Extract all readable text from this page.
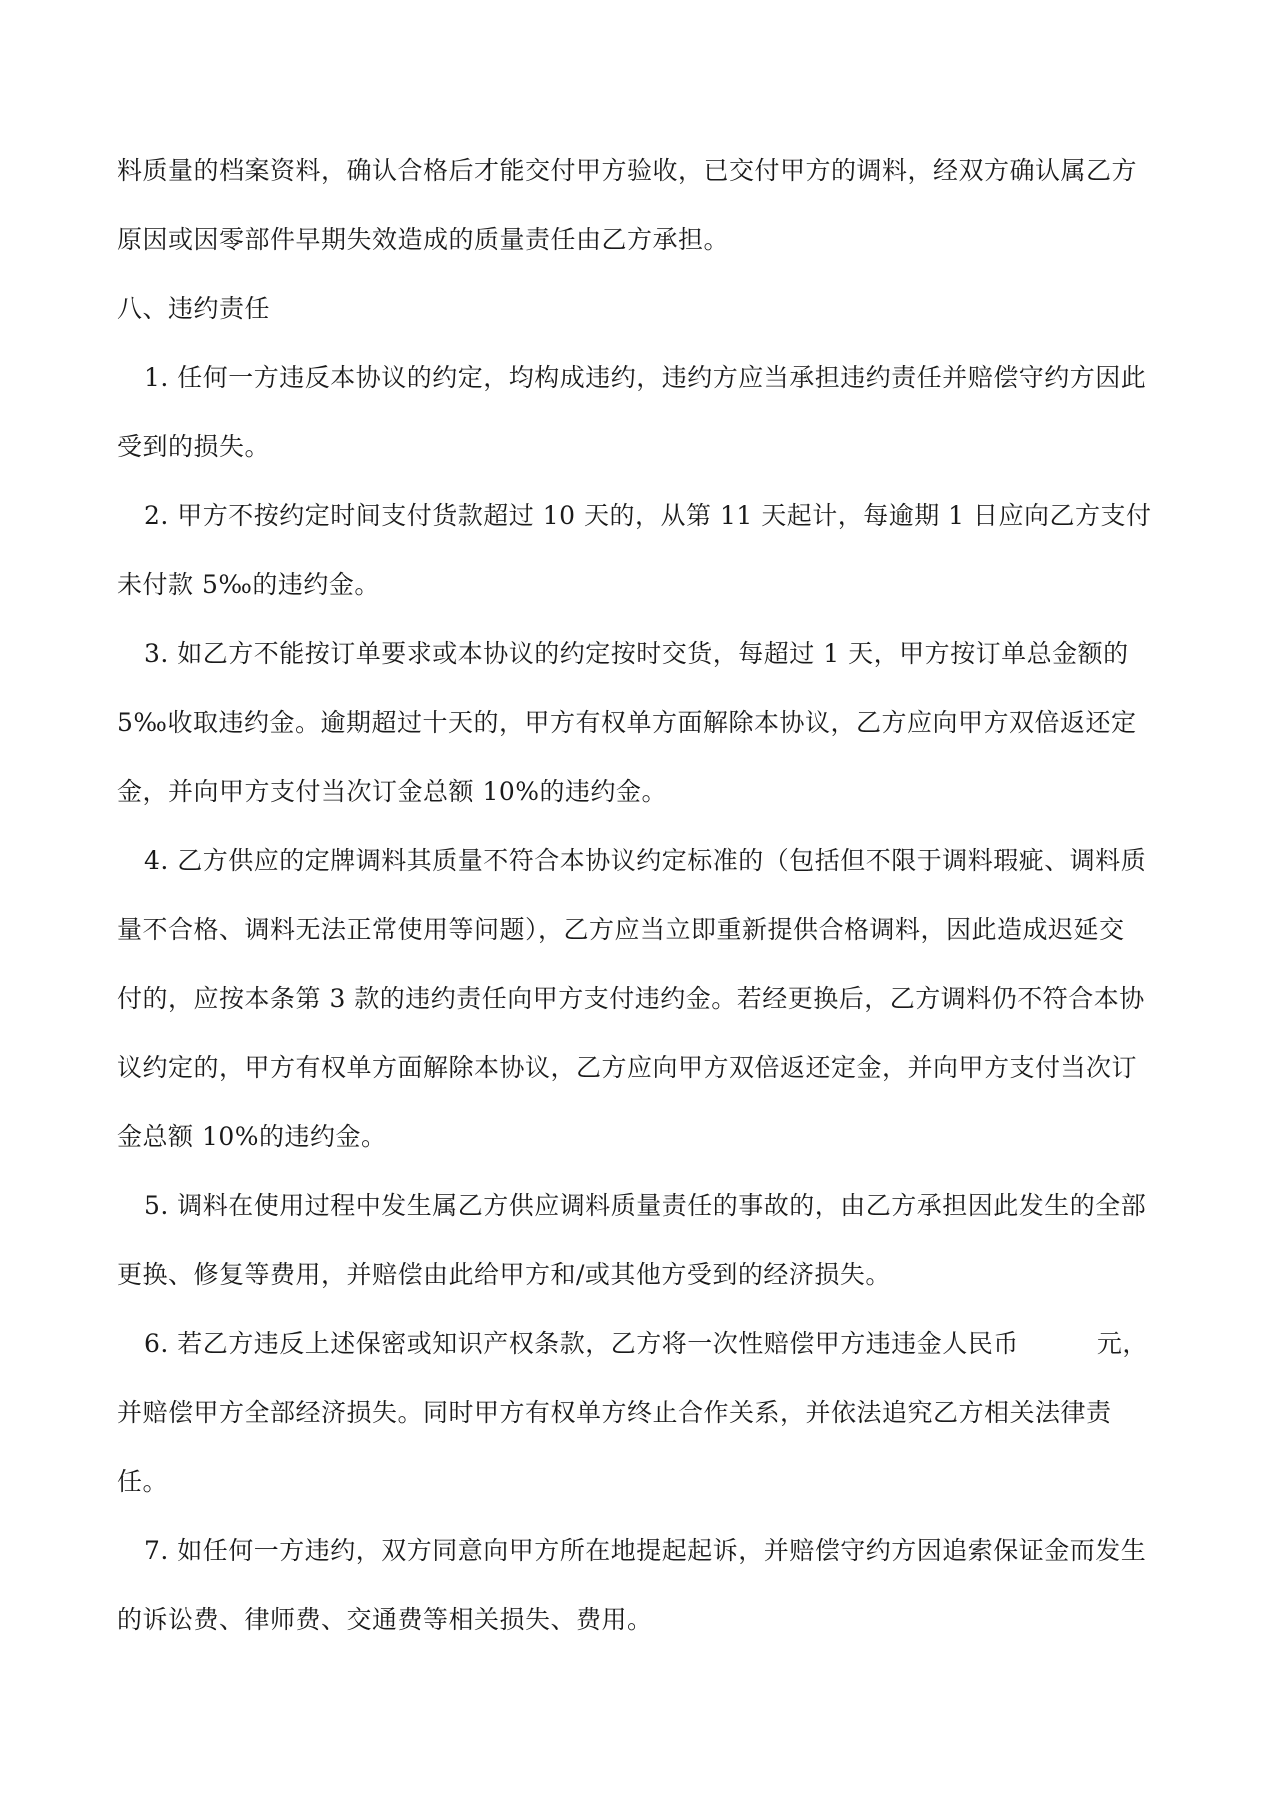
料质量的档案资料，确认合格后才能交付甲方验收，已交付甲方的调料，经双方确认属乙方
原因或因零部件早期失效造成的质量责任由乙方承担。
八、违约责任
1. 任何一方违反本协议的约定，均构成违约，违约方应当承担违约责任并赔偿守约方因此
受到的损失。
2. 甲方不按约定时间支付货款超过 10 天的，从第 11 天起计，每逾期 1 日应向乙方支付
未付款 5‰的违约金。
3. 如乙方不能按订单要求或本协议的约定按时交货，每超过 1 天，甲方按订单总金额的
5‰收取违约金。逾期超过十天的，甲方有权单方面解除本协议，乙方应向甲方双倍返还定
金，并向甲方支付当次订金总额 10%的违约金。
4. 乙方供应的定牌调料其质量不符合本协议约定标准的（包括但不限于调料瑕疵、调料质
量不合格、调料无法正常使用等问题），乙方应当立即重新提供合格调料，因此造成迟延交
付的，应按本条第 3 款的违约责任向甲方支付违约金。若经更换后，乙方调料仍不符合本协
议约定的，甲方有权单方面解除本协议，乙方应向甲方双倍返还定金，并向甲方支付当次订
金总额 10%的违约金。
5. 调料在使用过程中发生属乙方供应调料质量责任的事故的，由乙方承担因此发生的全部
更换、修复等费用，并赔偿由此给甲方和/或其他方受到的经济损失。
6. 若乙方违反上述保密或知识产权条款，乙方将一次性赔偿甲方违违金人民币	元，
并赔偿甲方全部经济损失。同时甲方有权单方终止合作关系，并依法追究乙方相关法律责
任。
7. 如任何一方违约，双方同意向甲方所在地提起起诉，并赔偿守约方因追索保证金而发生
的诉讼费、律师费、交通费等相关损失、费用。
